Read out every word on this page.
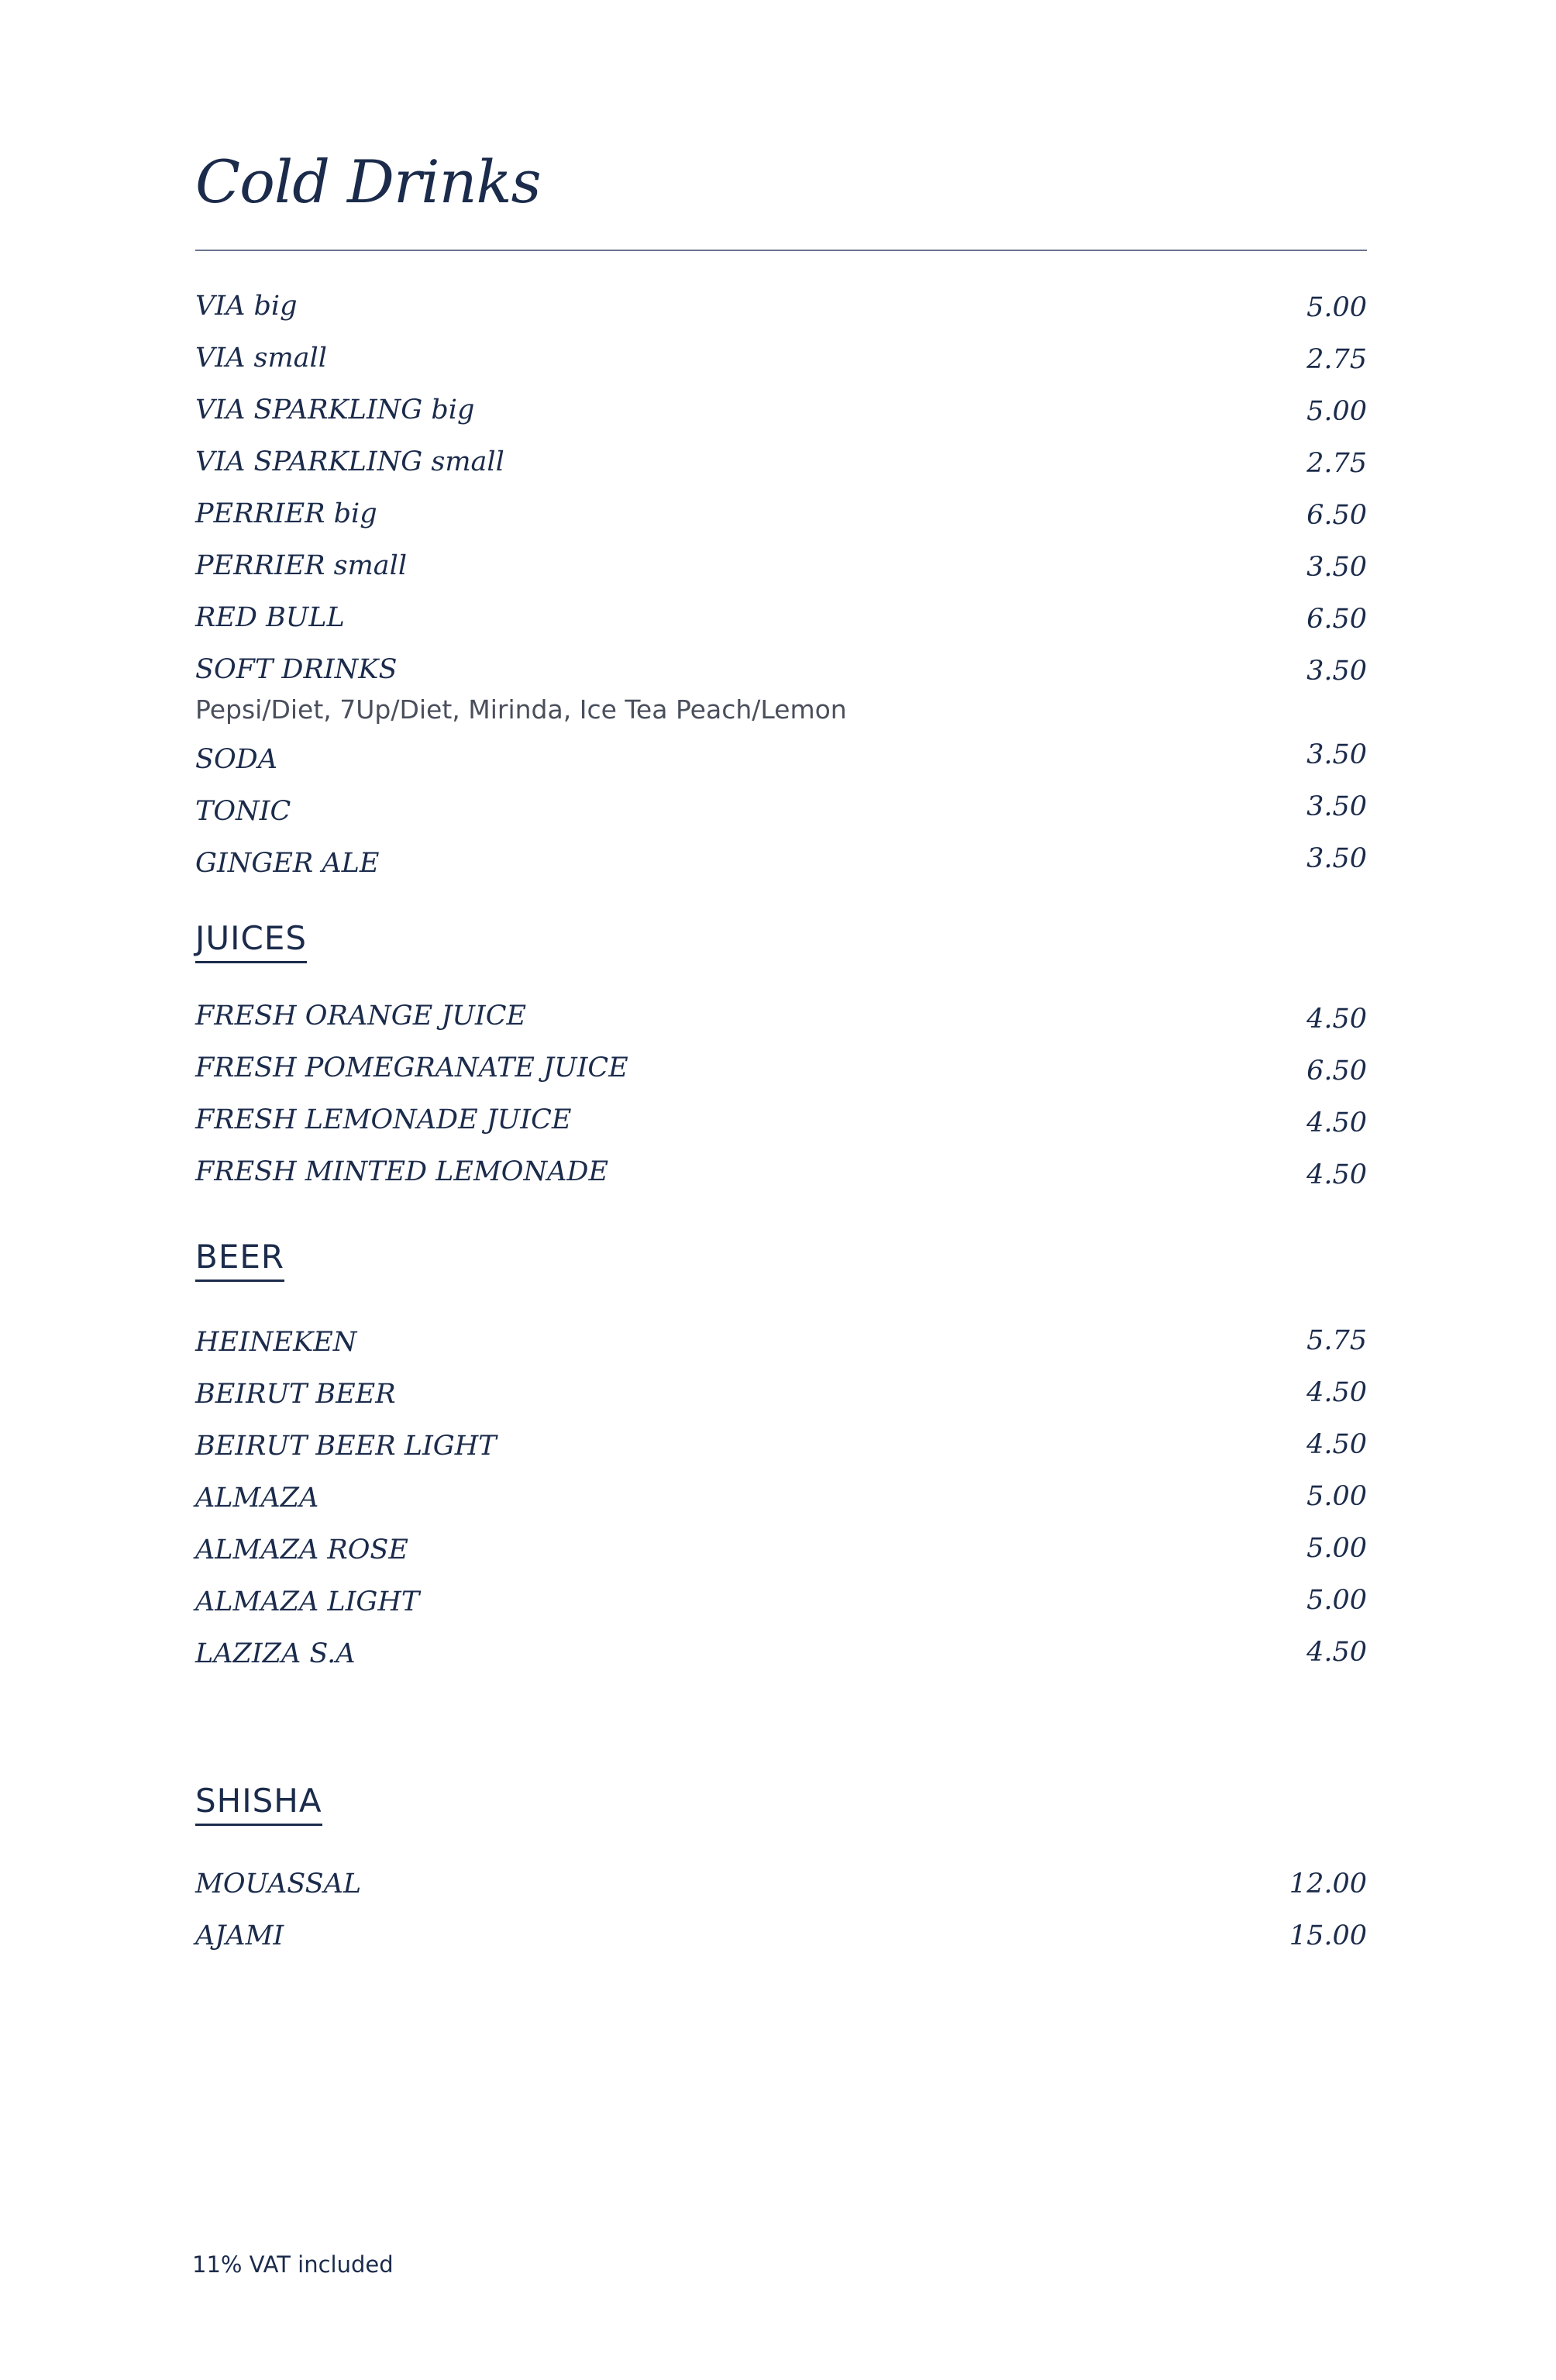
Cold Drinks
VIA big	5.00
VIA small	2.75
VIA SPARKLING big	5.00
VIA SPARKLING small	2.75
PERRIER big	6.50
PERRIER small	3.50
RED BULL	6.50
SOFT DRINKS	3.50
Pepsi/Diet, 7Up/Diet, Mirinda, Ice Tea Peach/Lemon
SODA	3.50
TONIC	3.50
GINGER ALE	3.50
JUICES
FRESH ORANGE JUICE	4.50
FRESH POMEGRANATE JUICE	6.50
FRESH LEMONADE JUICE	4.50
FRESH MINTED LEMONADE	4.50
BEER
HEINEKEN	5.75
BEIRUT BEER	4.50
BEIRUT BEER LIGHT	4.50
ALMAZA	5.00
ALMAZA ROSE	5.00
ALMAZA LIGHT	5.00
LAZIZA S.A	4.50
SHISHA
MOUASSAL	12.00
AJAMI	15.00
11% VAT included
